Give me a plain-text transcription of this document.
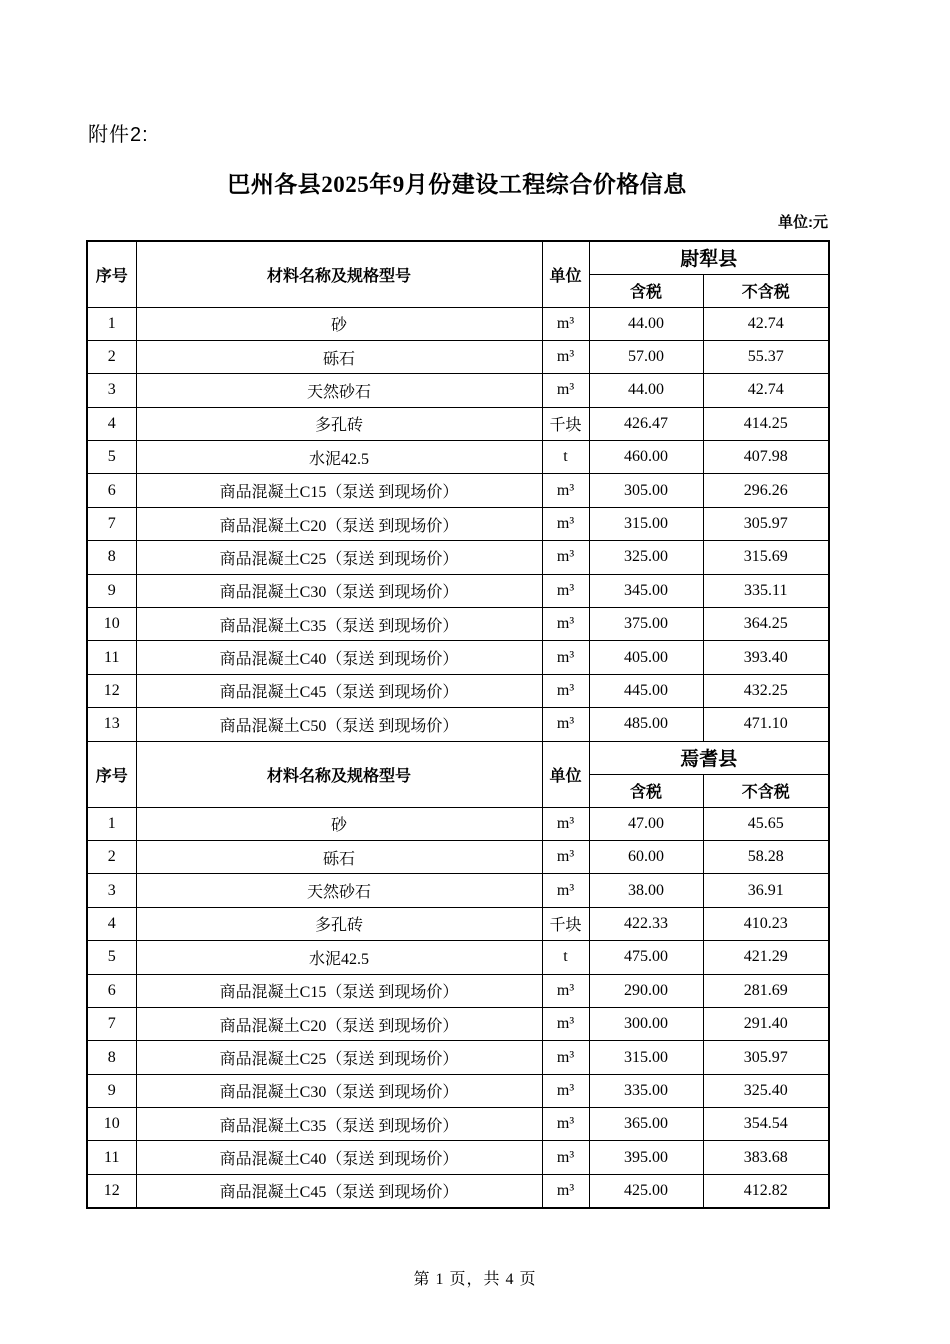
附件2:
巴州各县2025年9月份建设工程综合价格信息
单位:元
序号	材料名称及规格型号	单位	尉犁县	
			含税	不含税
1	砂	m³	44.00	42.74
2	砾石	m³	57.00	55.37
3	天然砂石	m³	44.00	42.74
4	多孔砖	千块	426.47	414.25
5	水泥42.5	t	460.00	407.98
6	商品混凝土C15（泵送 到现场价）	m³	305.00	296.26
7	商品混凝土C20（泵送 到现场价）	m³	315.00	305.97
8	商品混凝土C25（泵送 到现场价）	m³	325.00	315.69
9	商品混凝土C30（泵送 到现场价）	m³	345.00	335.11
10	商品混凝土C35（泵送 到现场价）	m³	375.00	364.25
11	商品混凝土C40（泵送 到现场价）	m³	405.00	393.40
12	商品混凝土C45（泵送 到现场价）	m³	445.00	432.25
13	商品混凝土C50（泵送 到现场价）	m³	485.00	471.10
序号	材料名称及规格型号	单位	焉耆县	
			含税	不含税
1	砂	m³	47.00	45.65
2	砾石	m³	60.00	58.28
3	天然砂石	m³	38.00	36.91
4	多孔砖	千块	422.33	410.23
5	水泥42.5	t	475.00	421.29
6	商品混凝土C15（泵送 到现场价）	m³	290.00	281.69
7	商品混凝土C20（泵送 到现场价）	m³	300.00	291.40
8	商品混凝土C25（泵送 到现场价）	m³	315.00	305.97
9	商品混凝土C30（泵送 到现场价）	m³	335.00	325.40
10	商品混凝土C35（泵送 到现场价）	m³	365.00	354.54
11	商品混凝土C40（泵送 到现场价）	m³	395.00	383.68
12	商品混凝土C45（泵送 到现场价）	m³	425.00	412.82
第 1 页，共 4 页
